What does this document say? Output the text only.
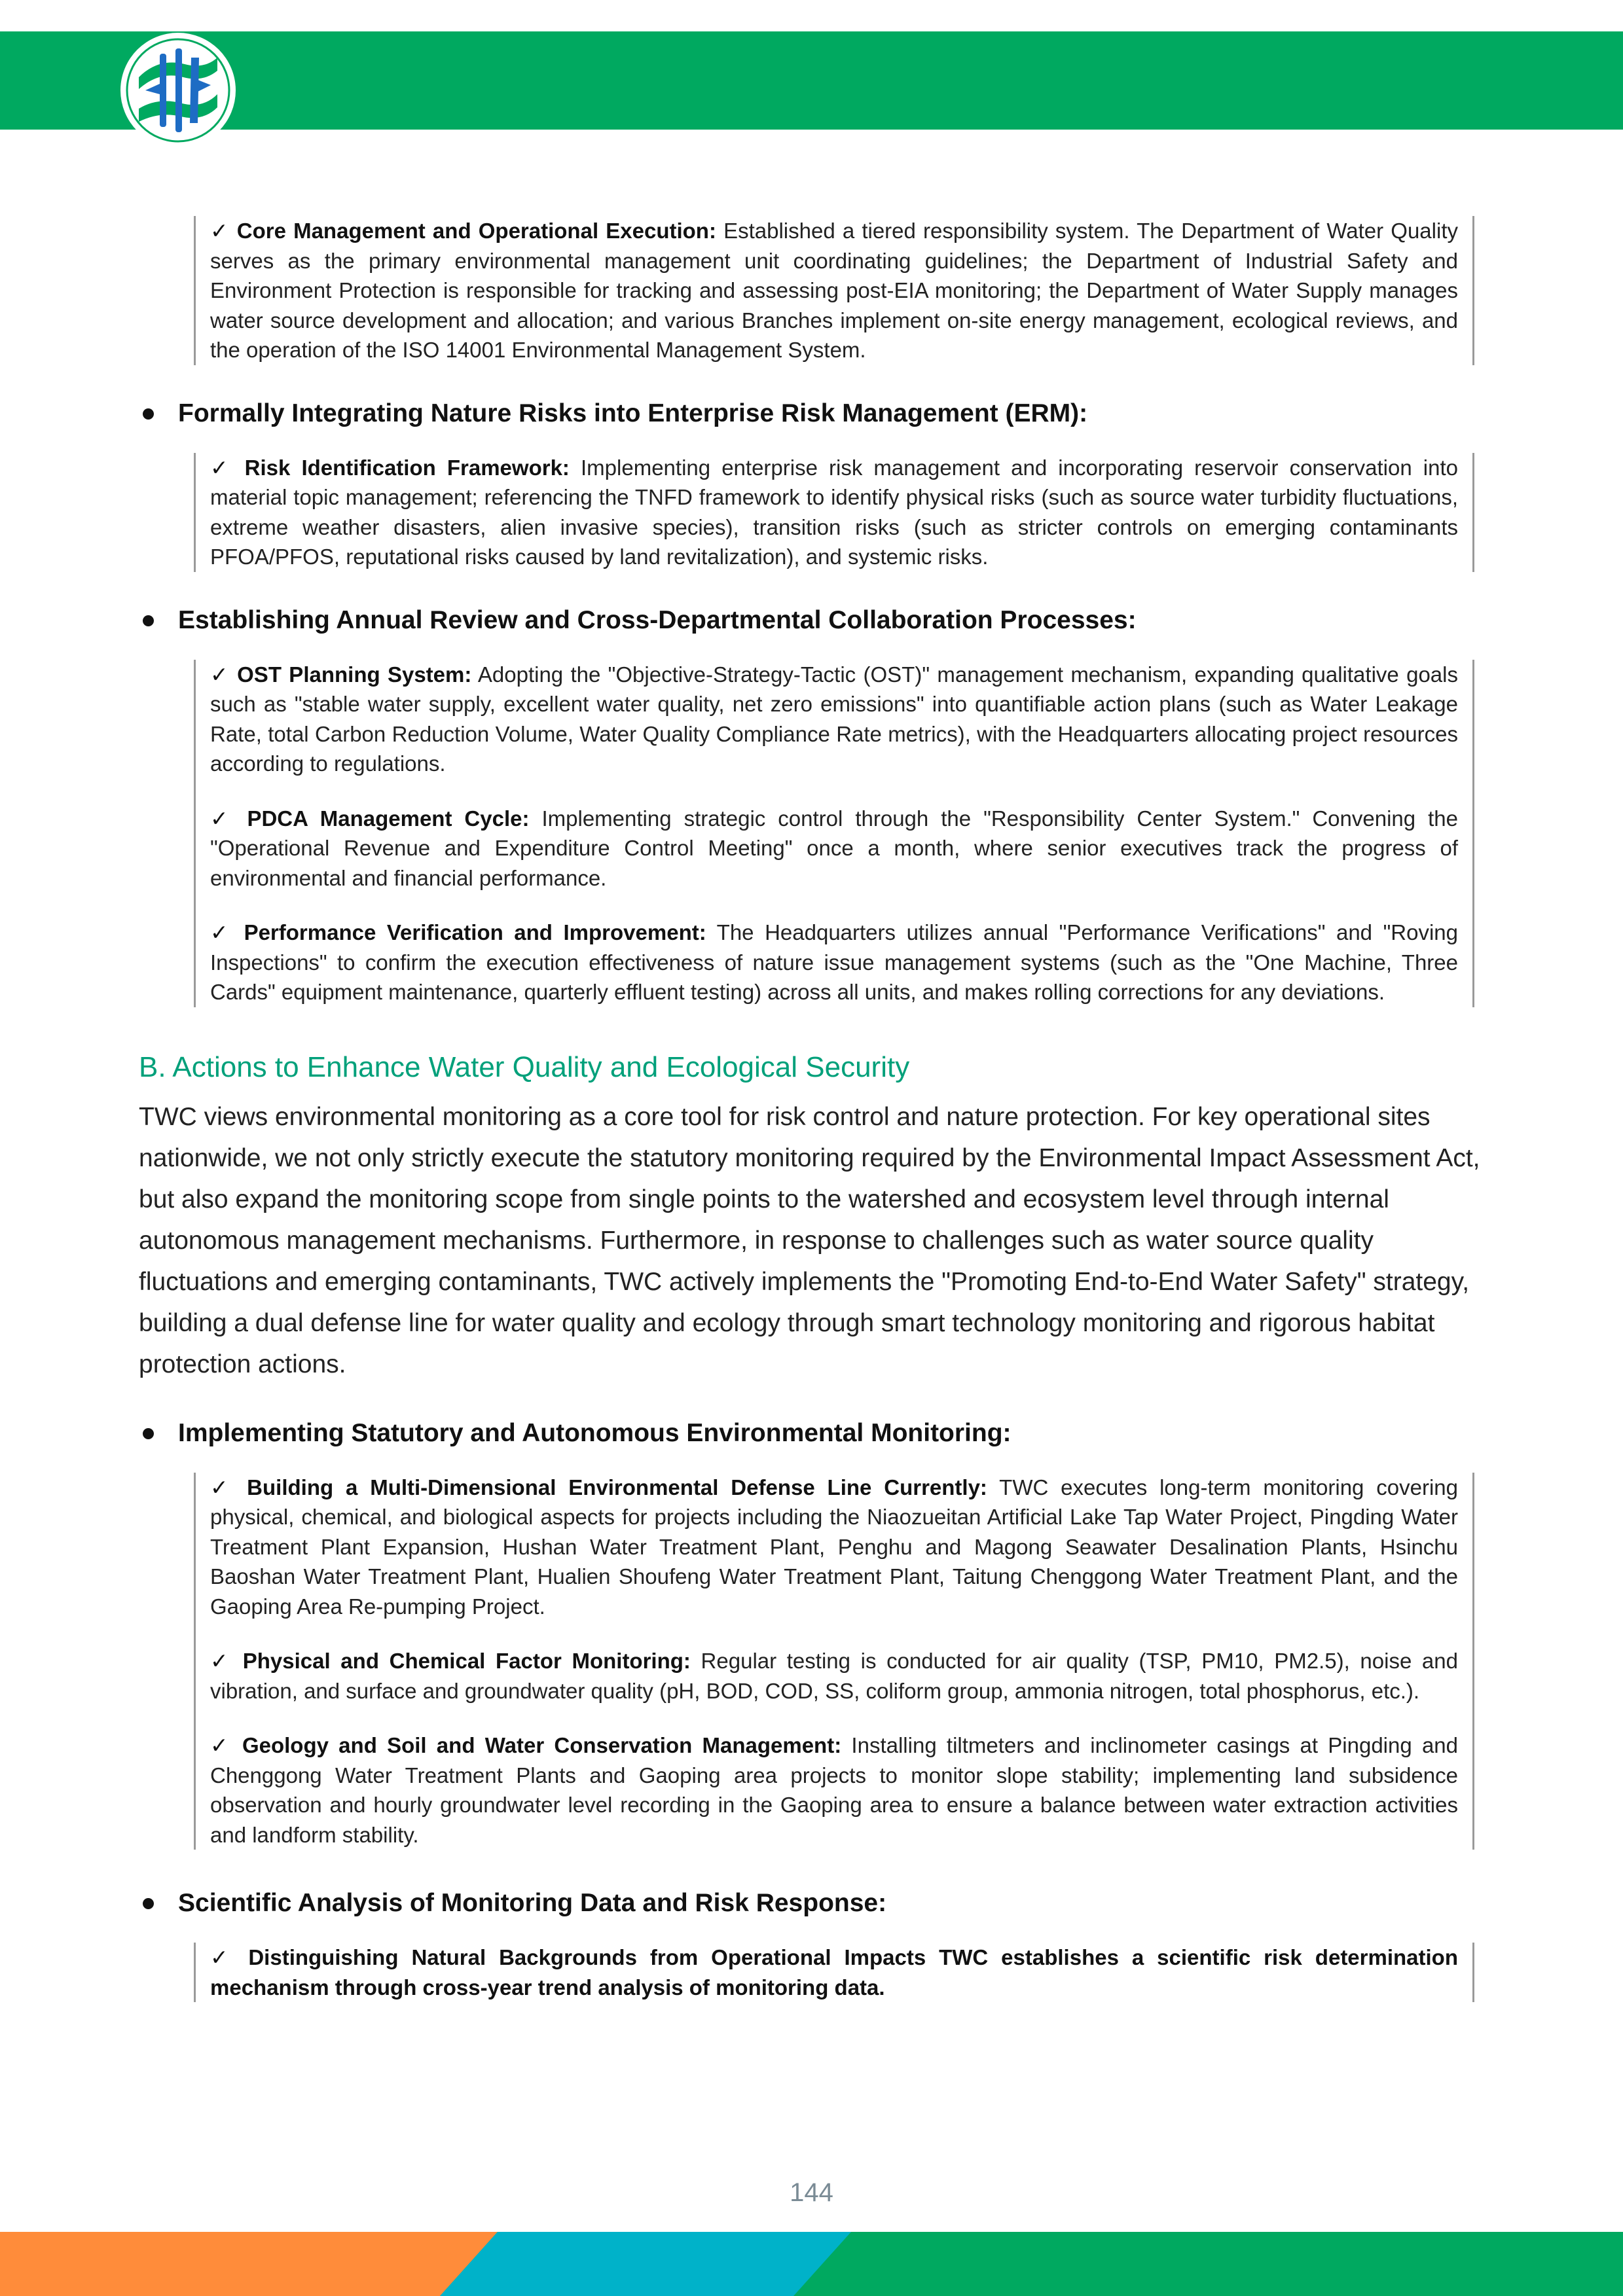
✓ Core Management and Operational Execution: Established a tiered responsibility system. The Department of Water Quality serves as the primary environmental management unit coordinating guidelines; the Department of Industrial Safety and Environment Protection is responsible for tracking and assessing post-EIA monitoring; the Department of Water Supply manages water source development and allocation; and various Branches implement on-site energy management, ecological reviews, and the operation of the ISO 14001 Environmental Management System.

Formally Integrating Nature Risks into Enterprise Risk Management (ERM):

✓ Risk Identification Framework: Implementing enterprise risk management and incorporating reservoir conservation into material topic management; referencing the TNFD framework to identify physical risks (such as source water turbidity fluctuations, extreme weather disasters, alien invasive species), transition risks (such as stricter controls on emerging contaminants PFOA/PFOS, reputational risks caused by land revitalization), and systemic risks.

Establishing Annual Review and Cross-Departmental Collaboration Processes:

✓ OST Planning System: Adopting the "Objective-Strategy-Tactic (OST)" management mechanism, expanding qualitative goals such as "stable water supply, excellent water quality, net zero emissions" into quantifiable action plans (such as Water Leakage Rate, total Carbon Reduction Volume, Water Quality Compliance Rate metrics), with the Headquarters allocating project resources according to regulations.

✓ PDCA Management Cycle: Implementing strategic control through the "Responsibility Center System." Convening the "Operational Revenue and Expenditure Control Meeting" once a month, where senior executives track the progress of environmental and financial performance.

✓ Performance Verification and Improvement: The Headquarters utilizes annual "Performance Verifications" and "Roving Inspections" to confirm the execution effectiveness of nature issue management systems (such as the "One Machine, Three Cards" equipment maintenance, quarterly effluent testing) across all units, and makes rolling corrections for any deviations.

B. Actions to Enhance Water Quality and Ecological Security

TWC views environmental monitoring as a core tool for risk control and nature protection. For key operational sites nationwide, we not only strictly execute the statutory monitoring required by the Environmental Impact Assessment Act, but also expand the monitoring scope from single points to the watershed and ecosystem level through internal autonomous management mechanisms. Furthermore, in response to challenges such as water source quality fluctuations and emerging contaminants, TWC actively implements the "Promoting End-to-End Water Safety" strategy, building a dual defense line for water quality and ecology through smart technology monitoring and rigorous habitat protection actions.

Implementing Statutory and Autonomous Environmental Monitoring:

✓ Building a Multi-Dimensional Environmental Defense Line Currently: TWC executes long-term monitoring covering physical, chemical, and biological aspects for projects including the Niaozueitan Artificial Lake Tap Water Project, Pingding Water Treatment Plant Expansion, Hushan Water Treatment Plant, Penghu and Magong Seawater Desalination Plants, Hsinchu Baoshan Water Treatment Plant, Hualien Shoufeng Water Treatment Plant, Taitung Chenggong Water Treatment Plant, and the Gaoping Area Re-pumping Project.

✓ Physical and Chemical Factor Monitoring: Regular testing is conducted for air quality (TSP, PM10, PM2.5), noise and vibration, and surface and groundwater quality (pH, BOD, COD, SS, coliform group, ammonia nitrogen, total phosphorus, etc.).

✓ Geology and Soil and Water Conservation Management: Installing tiltmeters and inclinometer casings at Pingding and Chenggong Water Treatment Plants and Gaoping area projects to monitor slope stability; implementing land subsidence observation and hourly groundwater level recording in the Gaoping area to ensure a balance between water extraction activities and landform stability.

Scientific Analysis of Monitoring Data and Risk Response:

✓ Distinguishing Natural Backgrounds from Operational Impacts TWC establishes a scientific risk determination mechanism through cross-year trend analysis of monitoring data.

144
